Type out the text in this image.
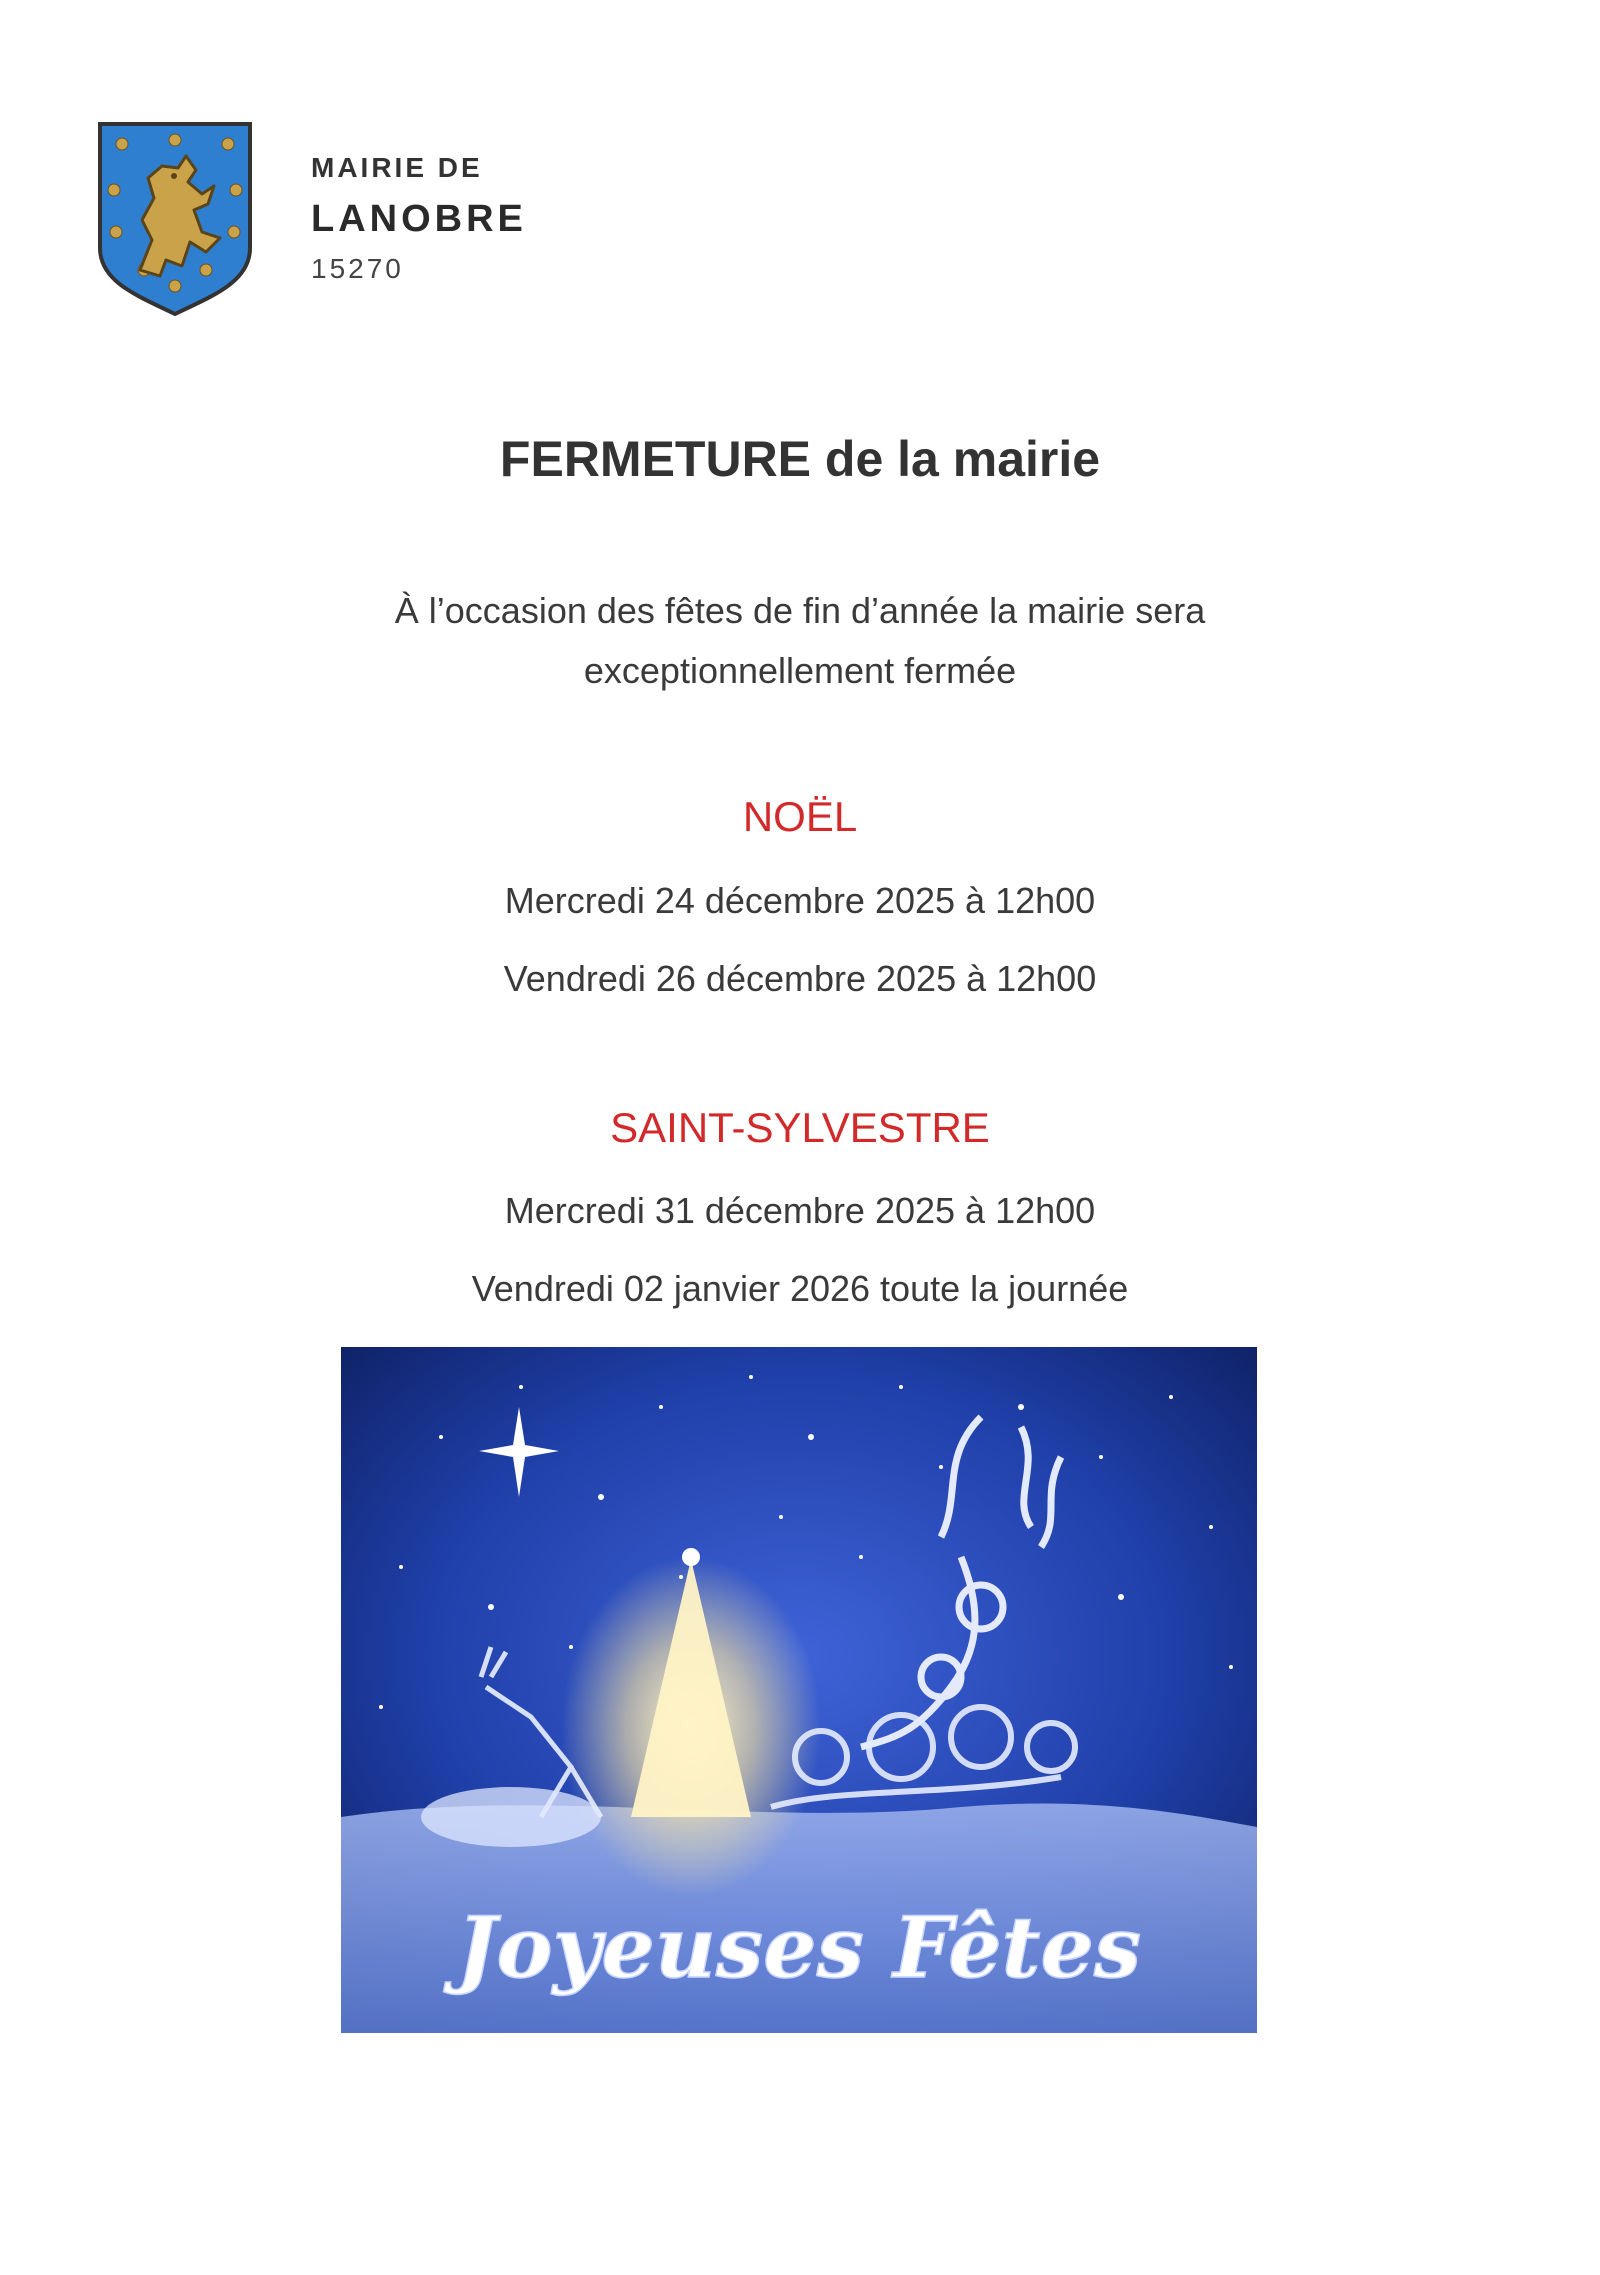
MAIRIE DE
LANOBRE
15270
FERMETURE de la mairie
À l’occasion des fêtes de fin d’année la mairie sera
exceptionnellement fermée
NOËL
Mercredi 24 décembre 2025 à 12h00
Vendredi 26 décembre 2025 à 12h00
SAINT-SYLVESTRE
Mercredi 31 décembre 2025 à 12h00
Vendredi 02 janvier 2026 toute la journée
Joyeuses Fêtes
